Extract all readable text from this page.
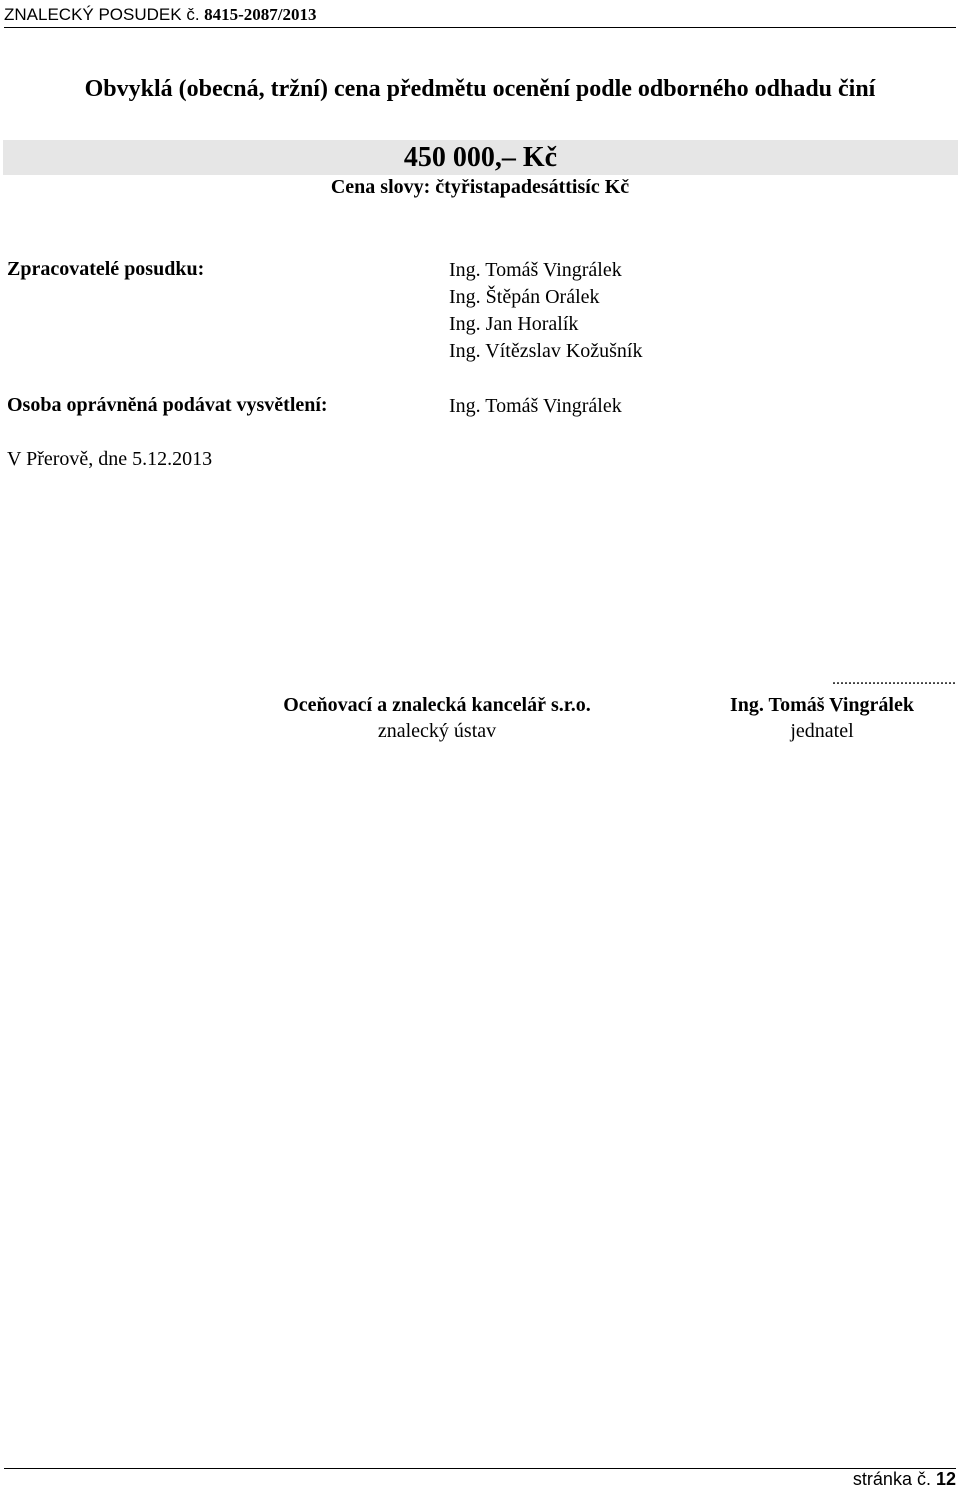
ZNALECKÝ POSUDEK č. 8415-2087/2013
Obvyklá (obecná, tržní) cena předmětu ocenění podle odborného odhadu činí
450 000,– Kč
Cena slovy: čtyřistapadesáttisíc Kč
Zpracovatelé posudku:	Ing. Tomáš Vingrálek
Ing. Štěpán Orálek
Ing. Jan Horalík
Ing. Vítězslav Kožušník
Osoba oprávněná podávat vysvětlení:	Ing. Tomáš Vingrálek
V Přerově, dne 5.12.2013
Oceňovací a znalecká kancelář s.r.o.
znalecký ústav
...............................
Ing. Tomáš Vingrálek
jednatel
stránka č. 12
